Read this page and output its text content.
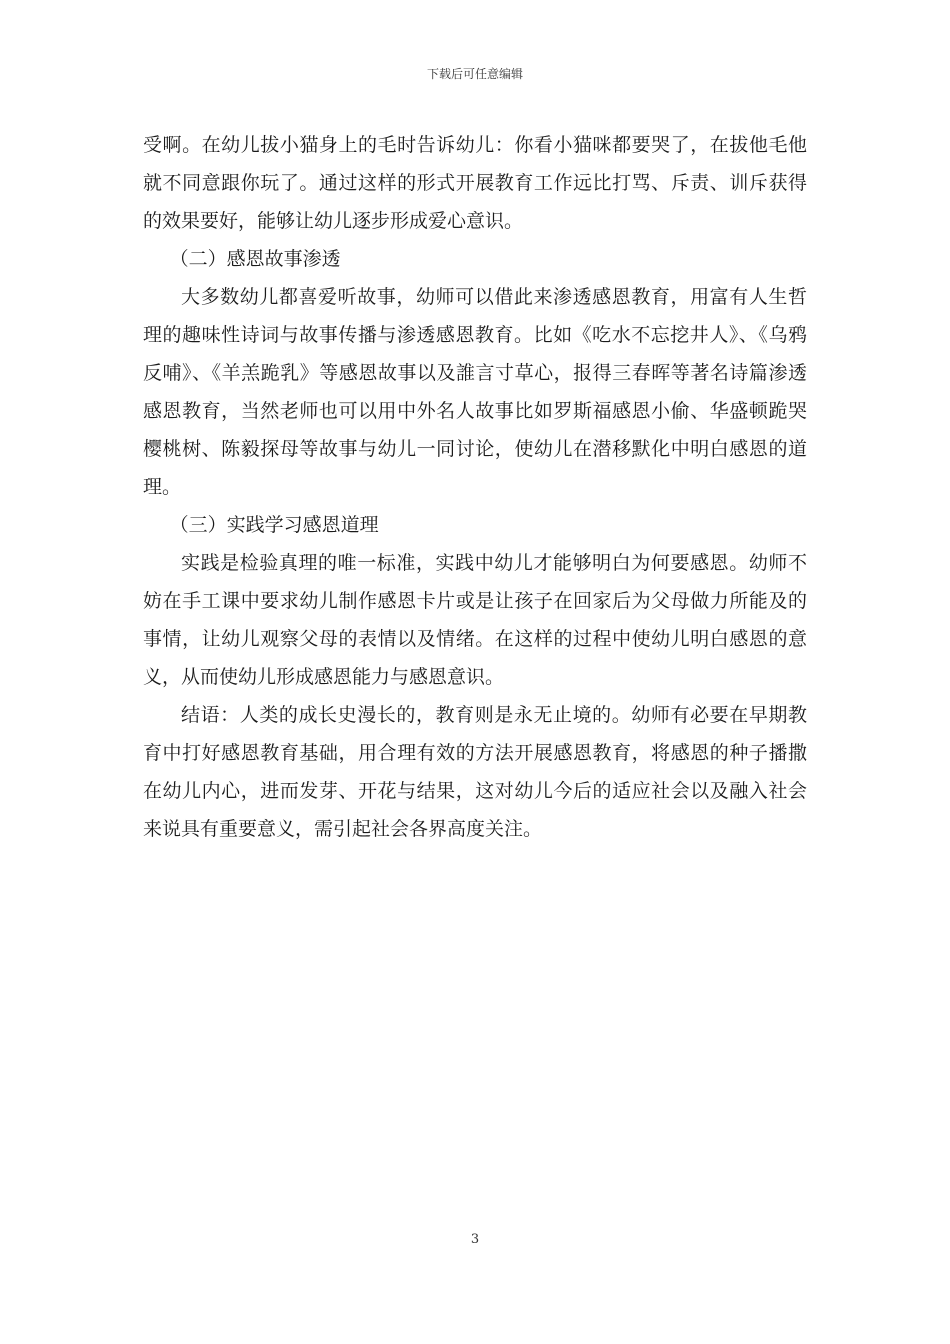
下载后可任意编辑

受啊。在幼儿拔小猫身上的毛时告诉幼儿：你看小猫咪都要哭了，在拔他毛他就不同意跟你玩了。通过这样的形式开展教育工作远比打骂、斥责、训斥获得的效果要好，能够让幼儿逐步形成爱心意识。

（二）感恩故事渗透

大多数幼儿都喜爱听故事，幼师可以借此来渗透感恩教育，用富有人生哲理的趣味性诗词与故事传播与渗透感恩教育。比如《吃水不忘挖井人》、《乌鸦反哺》、《羊羔跪乳》等感恩故事以及誰言寸草心，报得三春晖等著名诗篇渗透感恩教育，当然老师也可以用中外名人故事比如罗斯福感恩小偷、华盛顿跪哭樱桃树、陈毅探母等故事与幼儿一同讨论，使幼儿在潜移默化中明白感恩的道理。

（三）实践学习感恩道理

实践是检验真理的唯一标准，实践中幼儿才能够明白为何要感恩。幼师不妨在手工课中要求幼儿制作感恩卡片或是让孩子在回家后为父母做力所能及的事情，让幼儿观察父母的表情以及情绪。在这样的过程中使幼儿明白感恩的意义，从而使幼儿形成感恩能力与感恩意识。

结语：人类的成长史漫长的，教育则是永无止境的。幼师有必要在早期教育中打好感恩教育基础，用合理有效的方法开展感恩教育，将感恩的种子播撒在幼儿内心，进而发芽、开花与结果，这对幼儿今后的适应社会以及融入社会来说具有重要意义，需引起社会各界高度关注。

3
